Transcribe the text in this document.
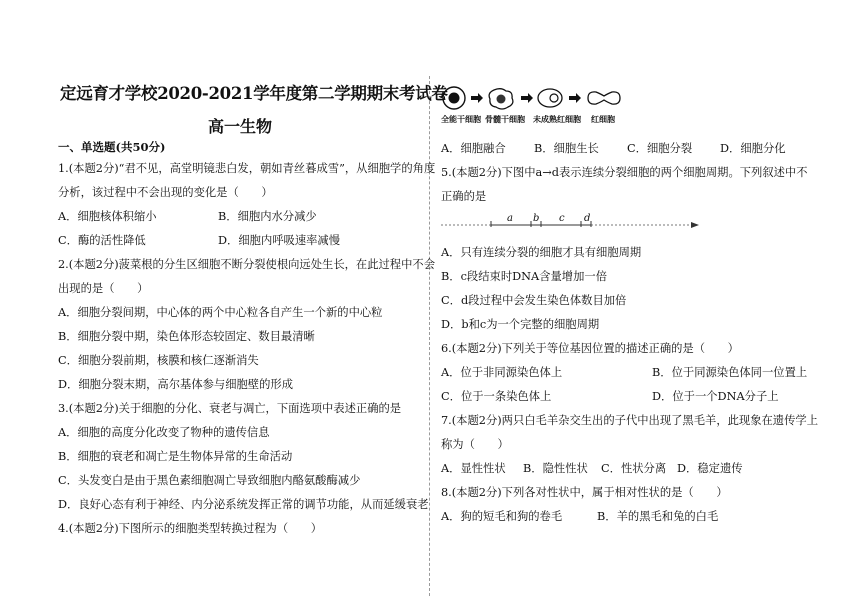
定远育才学校2020-2021学年度第二学期期末考试卷
高一生物
一、单选题(共50分)
1.(本题2分)“君不见，高堂明镜悲白发，朝如青丝暮成雪”，从细胞学的角度
分析，该过程中不会出现的变化是（　　）
A．细胞核体积缩小	B．细胞内水分减少
C．酶的活性降低	D．细胞内呼吸速率减慢
2.(本题2分)菠菜根的分生区细胞不断分裂使根向远处生长，在此过程中不会
出现的是（　　）
A．细胞分裂间期，中心体的两个中心粒各自产生一个新的中心粒
B．细胞分裂中期，染色体形态较固定、数目最清晰
C．细胞分裂前期，核膜和核仁逐渐消失
D．细胞分裂末期，高尔基体参与细胞壁的形成
3.(本题2分)关于细胞的分化、衰老与凋亡，下面选项中表述正确的是
A．细胞的高度分化改变了物种的遗传信息
B．细胞的衰老和凋亡是生物体异常的生命活动
C．头发变白是由于黑色素细胞凋亡导致细胞内酪氨酸酶减少
D．良好心态有利于神经、内分泌系统发挥正常的调节功能，从而延缓衰老
4.(本题2分)下图所示的细胞类型转换过程为（　　）
全能干细胞 骨髓干细胞 未成熟红细胞 红细胞
A．细胞融合	B．细胞生长 C．细胞分裂 D．细胞分化
5.(本题2分)下图中a→d表示连续分裂细胞的两个细胞周期。下列叙述中不
正确的是
a b c d
A．只有连续分裂的细胞才具有细胞周期
B．c段结束时DNA含量增加一倍
C．d段过程中会发生染色体数目加倍
D．b和c为一个完整的细胞周期
6.(本题2分)下列关于等位基因位置的描述正确的是（　　）
A．位于非同源染色体上	B．位于同源染色体同一位置上
C．位于一条染色体上	D．位于一个DNA分子上
7.(本题2分)两只白毛羊杂交生出的子代中出现了黑毛羊，此现象在遗传学上
称为（　　）
A．显性性状 B．隐性性状 C．性状分离 D．稳定遗传
8.(本题2分)下列各对性状中，属于相对性状的是（　　）
A．狗的短毛和狗的卷毛	B．羊的黑毛和兔的白毛
